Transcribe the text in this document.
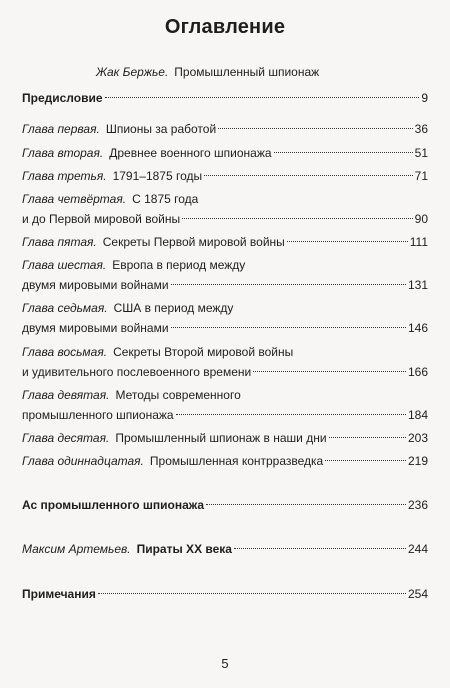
Оглавление
Жак Бержье. Промышленный шпионаж
Предисловие	9
Глава первая. Шпионы за работой	36
Глава вторая. Древнее военного шпионажа	51
Глава третья. 1791–1875 годы	71
Глава четвёртая. С 1875 года
и до Первой мировой войны	90
Глава пятая. Секреты Первой мировой войны	111
Глава шестая. Европа в период между
двумя мировыми войнами	131
Глава седьмая. США в период между
двумя мировыми войнами	146
Глава восьмая. Секреты Второй мировой войны
и удивительного послевоенного времени	166
Глава девятая. Методы современного
промышленного шпионажа	184
Глава десятая. Промышленный шпионаж в наши дни	203
Глава одиннадцатая. Промышленная контрразведка	219
Ас промышленного шпионажа	236
Максим Артемьев. Пираты XX века	244
Примечания	254
5
